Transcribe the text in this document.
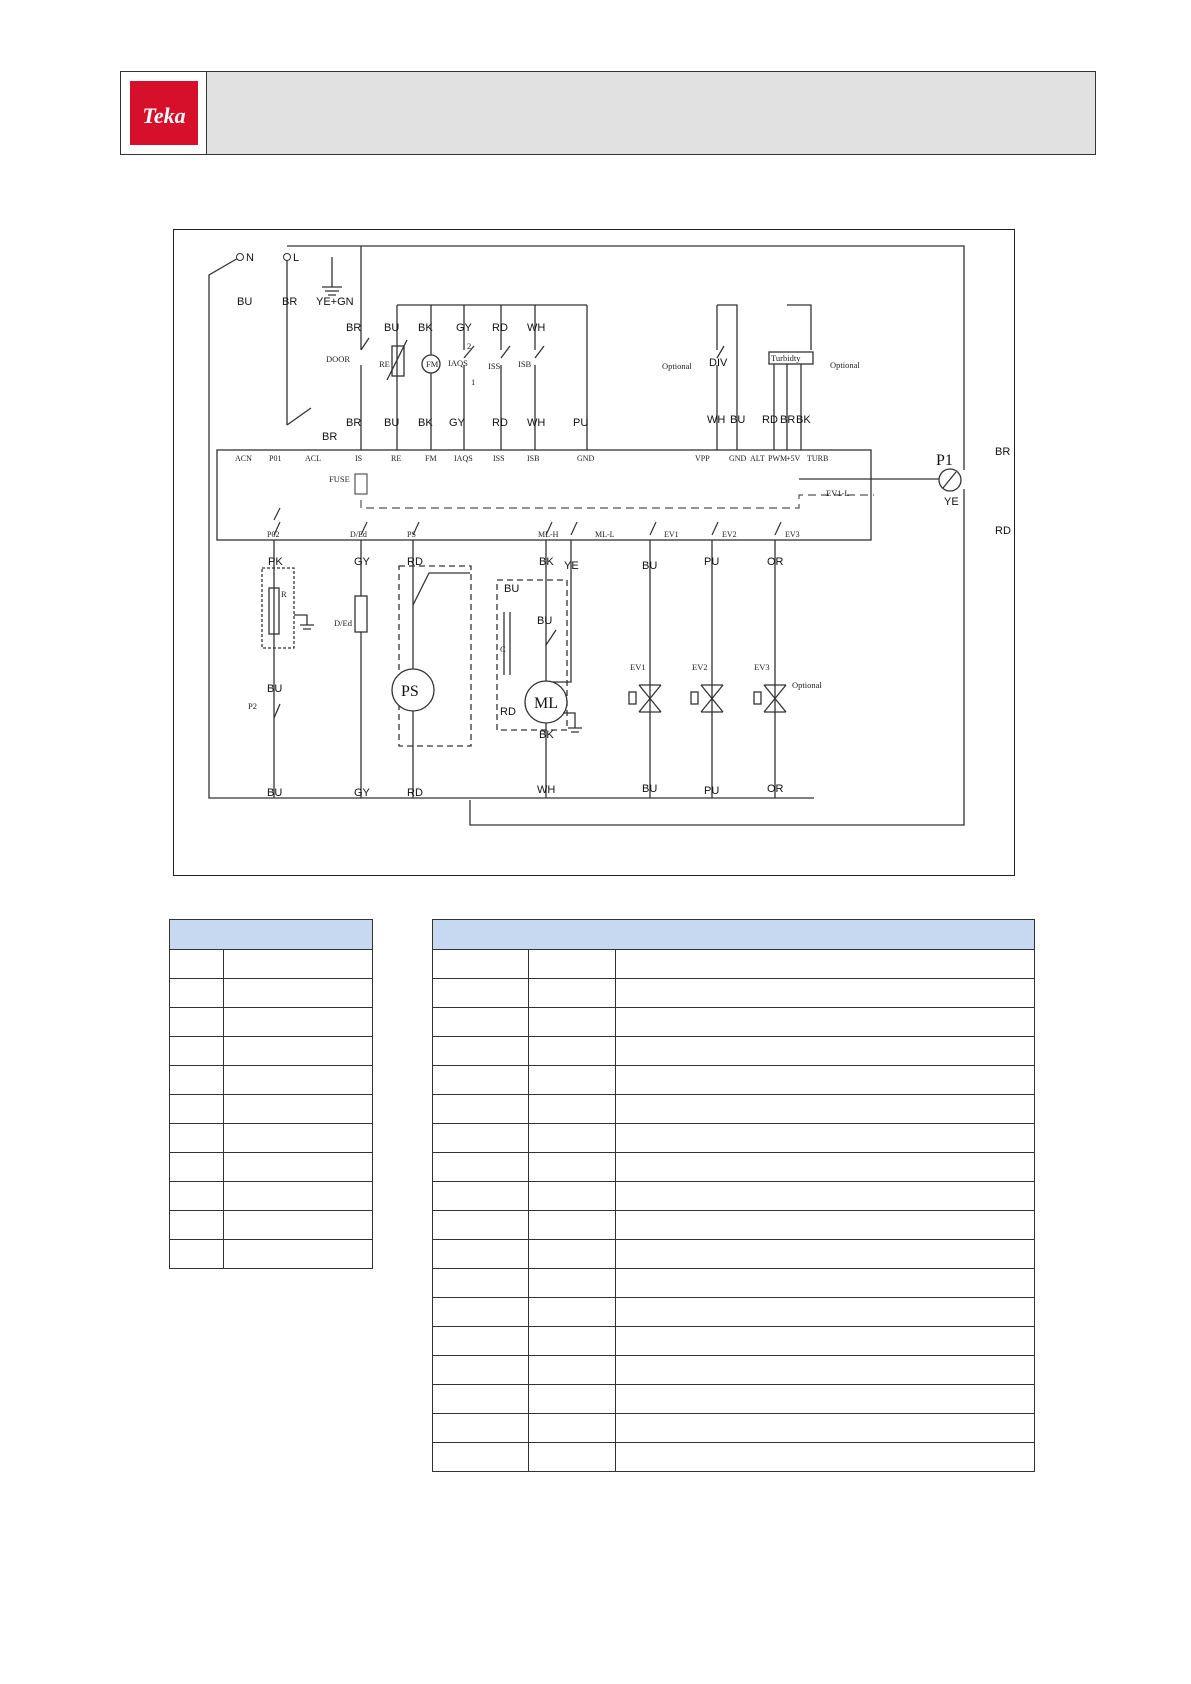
Teka
N	L
BU	BR YE+GN
BR
BR
BU BK GY RD WH
BU BK GY RD WH	PU
BR
DIV
WH BU RD BR BK
BR
YE
RD
PK	GY	RD	BK YE	BU	PU	OR
BU
BU
RD
BK
BU
BU	GY	RD	WH	BU	PU	OR
DOOR	RE	FM IAQS
2
1
ISS ISB	Optional	Optional
Turbidty
FUSE
EV1-L
D/Ed
C
R
P2
EV1	EV2	EV3
Optional
P1
PS
ML
ACN P01	ACL	IS	RE	FM IAQS	ISS	ISB	GND	VPP GND ALT PWM
+5V TURB
P02	D/Ed	PS	ML-H	ML-L	EV1	EV2	EV3
